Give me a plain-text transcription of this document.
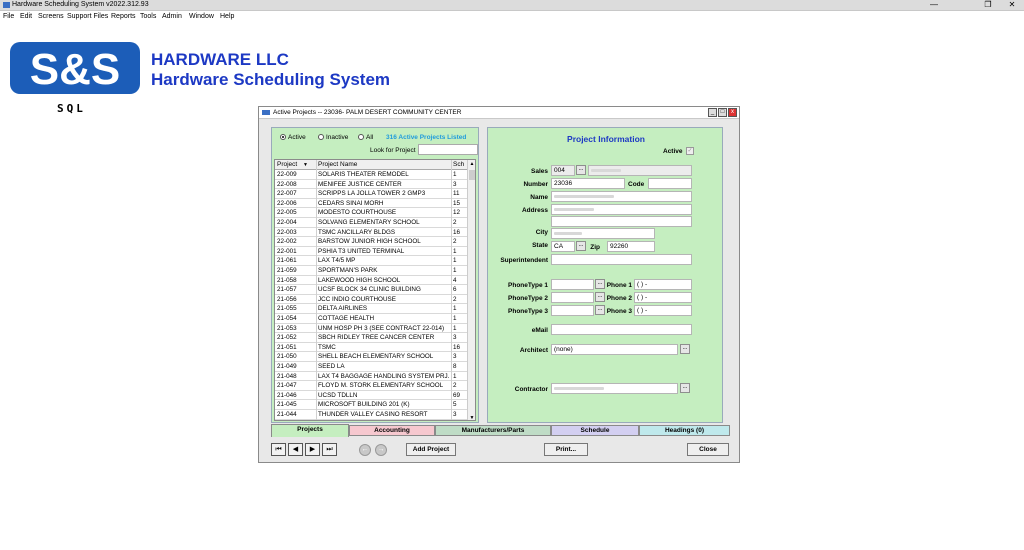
Hardware Scheduling System v2022.312.93	—	❐	✕
File Edit Screens Support Files Reports Tools Admin Window Help
S&S
SQL
HARDWARE LLC
Hardware Scheduling System
Active Projects -- 23036- PALM DESERT COMMUNITY CENTER	_	□	x
Active	Inactive	All 316 Active Projects Listed
Look for Project
Project ▼ Project Name	Sch
22-009	SOLARIS THEATER REMODEL	1
22-008	MENIFEE JUSTICE CENTER	3
22-007	SCRIPPS LA JOLLA TOWER 2 GMP3	11
22-006	CEDARS SINAI MORH	15
22-005	MODESTO COURTHOUSE	12
22-004	SOLVANG ELEMENTARY SCHOOL	2
22-003	TSMC ANCILLARY BLDGS	16
22-002	BARSTOW JUNIOR HIGH SCHOOL	2
22-001	PSHIA T3 UNITED TERMINAL	1
21-061	LAX T4/5 MP	1
21-059	SPORTMAN'S PARK	1
21-058	LAKEWOOD HIGH SCHOOL	4
21-057	UCSF BLOCK 34 CLINIC BUILDING	6
21-056	JCC INDIO COURTHOUSE	2
21-055	DELTA AIRLINES	1
21-054	COTTAGE HEALTH	1
21-053	UNM HOSP PH 3 (SEE CONTRACT 22-014)	1
21-052	SBCH RIDLEY TREE CANCER CENTER	3
21-051	TSMC	16
21-050	SHELL BEACH ELEMENTARY SCHOOL	3
21-049	SEED LA	8
21-048	LAX T4 BAGGAGE HANDLING SYSTEM PRJ. 1
21-047	FLOYD M. STORK ELEMENTARY SCHOOL	2
21-046	UCSD TDLLN	69
21-045	MICROSOFT BUILDING 201 (K)	5
21-044	THUNDER VALLEY CASINO RESORT	3
▲
▼
Project Information
Active ✓
Sales 004	...
Number 23036	Code
Name
Address
City
State CA	...	Zip	92260
Superintendent
PhoneType 1	... Phone 1 ( ) -
PhoneType 2	... Phone 2 ( ) -
PhoneType 3	... Phone 3 ( ) -
eMail
Architect (none)	...
Contractor	...
Projects	Accounting	Manufacturers/Parts	Schedule	Headings (0)
⏮	◀	▶	⏭	←	→	Add Project	Print...	Close
